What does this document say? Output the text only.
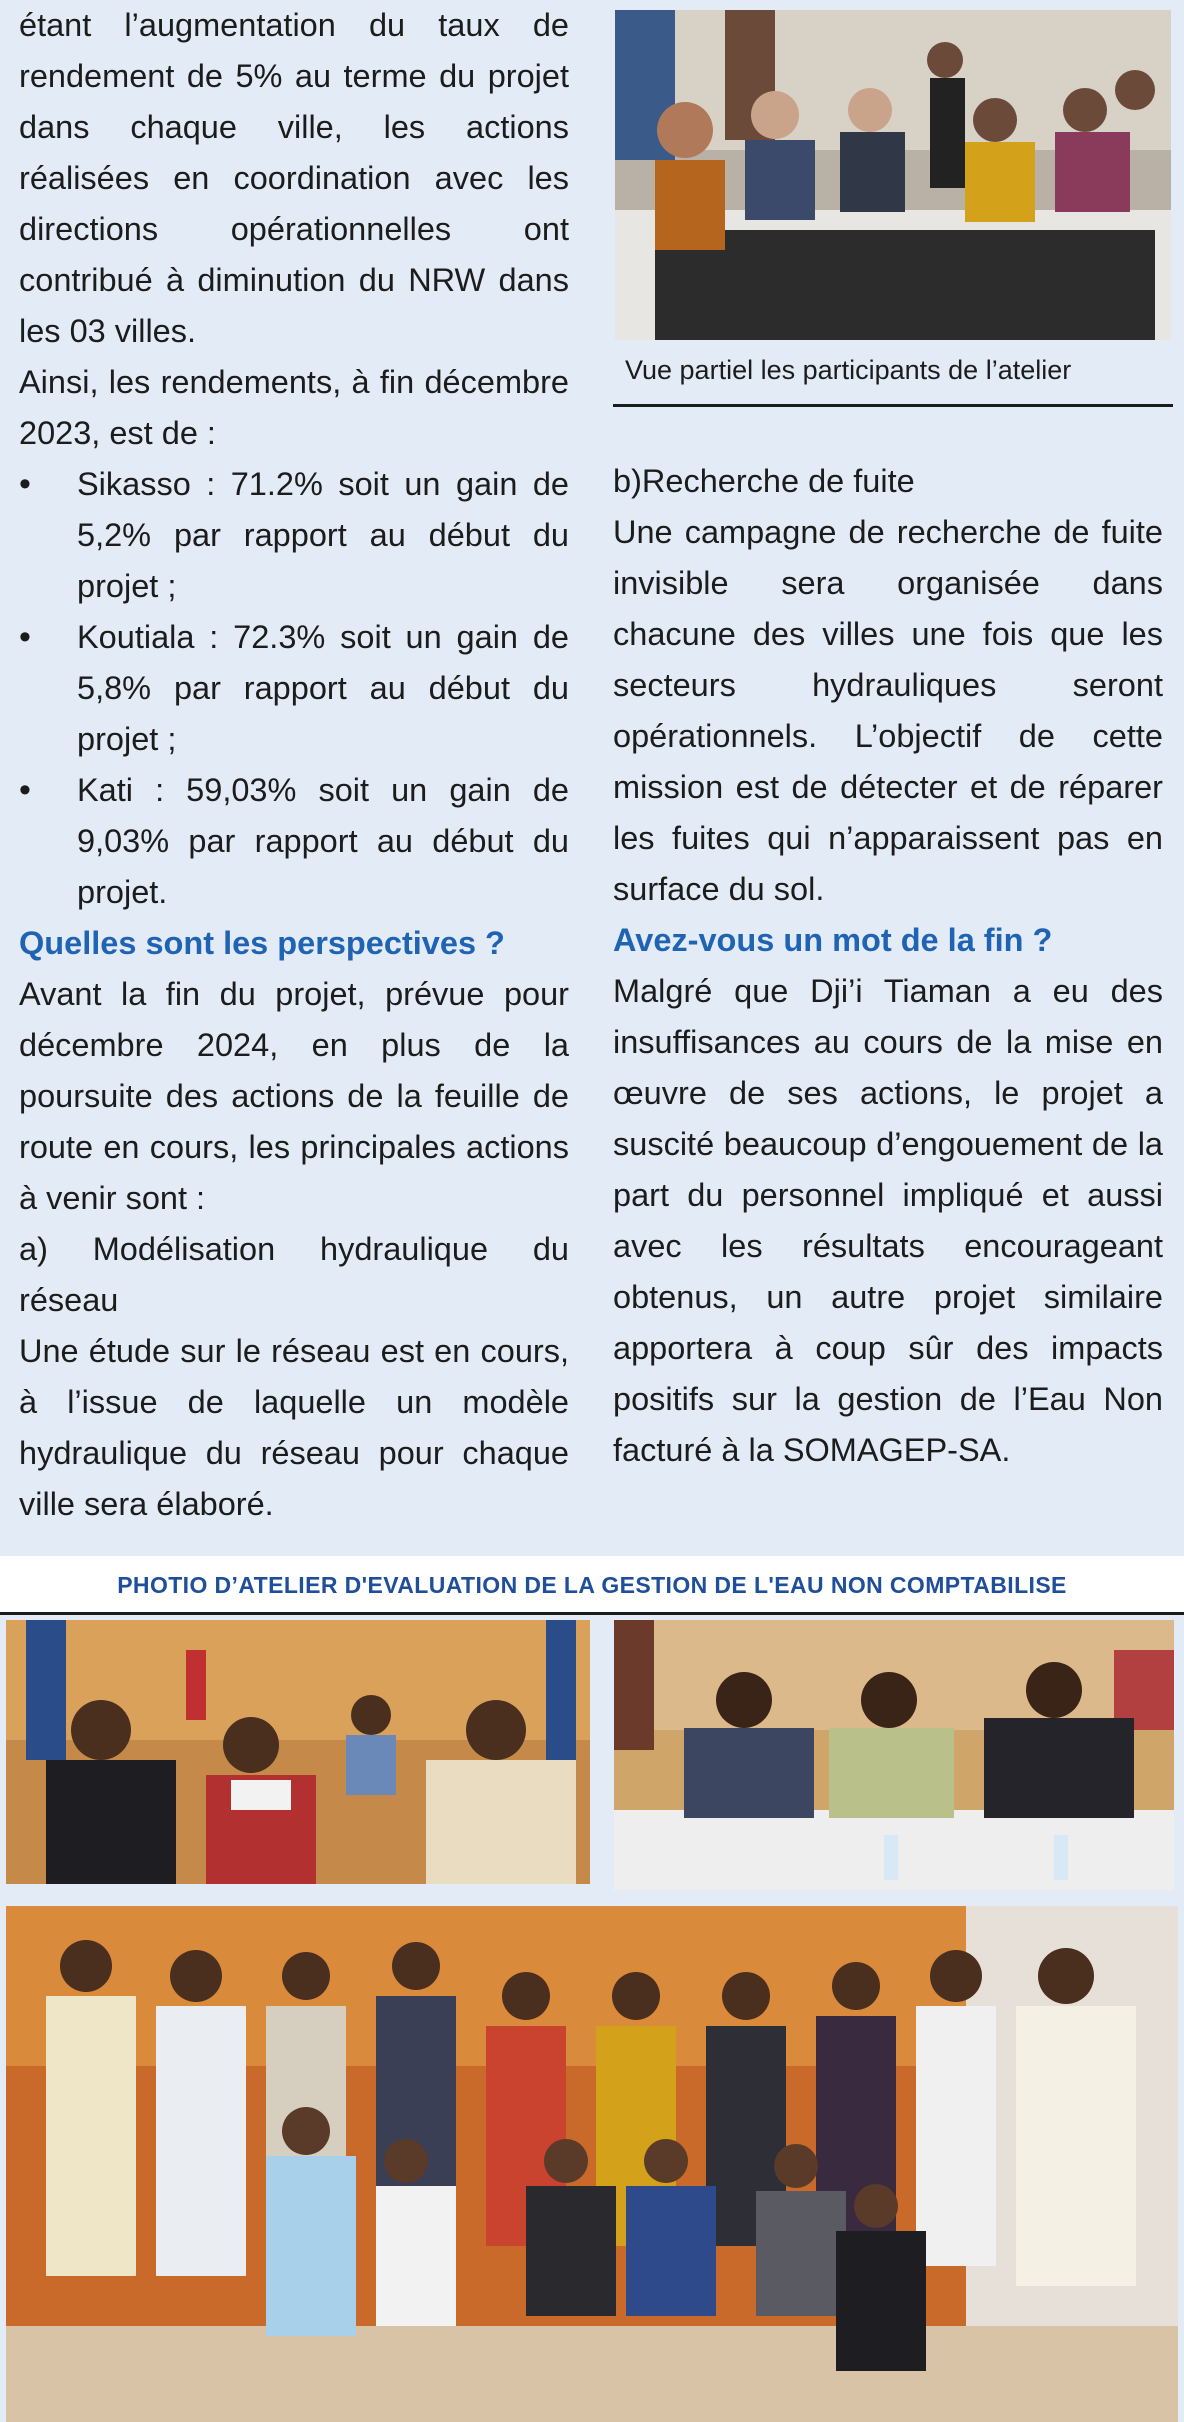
étant l’augmentation du taux de rendement de 5% au terme du projet dans chaque ville, les actions réalisées en coordination avec les directions opérationnelles ont contribué à diminution du NRW dans les 03 villes.

Ainsi, les rendements, à fin décembre 2023, est de :

•	Sikasso : 71.2% soit un gain de 5,2% par rapport au début du projet ;
•	Koutiala : 72.3% soit un gain de 5,8% par rapport au début du projet ;
•	Kati : 59,03% soit un gain de 9,03% par rapport au début du projet.

Quelles sont les perspectives ?

Avant la fin du projet, prévue pour décembre 2024, en plus de la poursuite des actions de la feuille de route en cours, les principales actions à venir sont :

a) Modélisation hydraulique du réseau

Une étude sur le réseau est en cours, à l’issue de laquelle un modèle hydraulique du réseau pour chaque ville sera élaboré.

Vue partiel les participants de l’atelier

b)Recherche de fuite

Une campagne de recherche de fuite invisible sera organisée dans chacune des villes une fois que les secteurs hydrauliques seront opérationnels. L’objectif de cette mission est de détecter et de réparer les fuites qui n’apparaissent pas en surface du sol.

Avez-vous un mot de la fin ?

Malgré que Dji’i Tiaman a eu des insuffisances au cours de la mise en œuvre de ses actions, le projet a suscité beaucoup d’engouement de la part du personnel impliqué et aussi avec les résultats encourageant obtenus, un autre projet similaire apportera à coup sûr des impacts positifs sur la gestion de l’Eau Non facturé à la SOMAGEP-SA.

PHOTIO D’ATELIER D'EVALUATION DE LA GESTION DE L'EAU NON COMPTABILISE
